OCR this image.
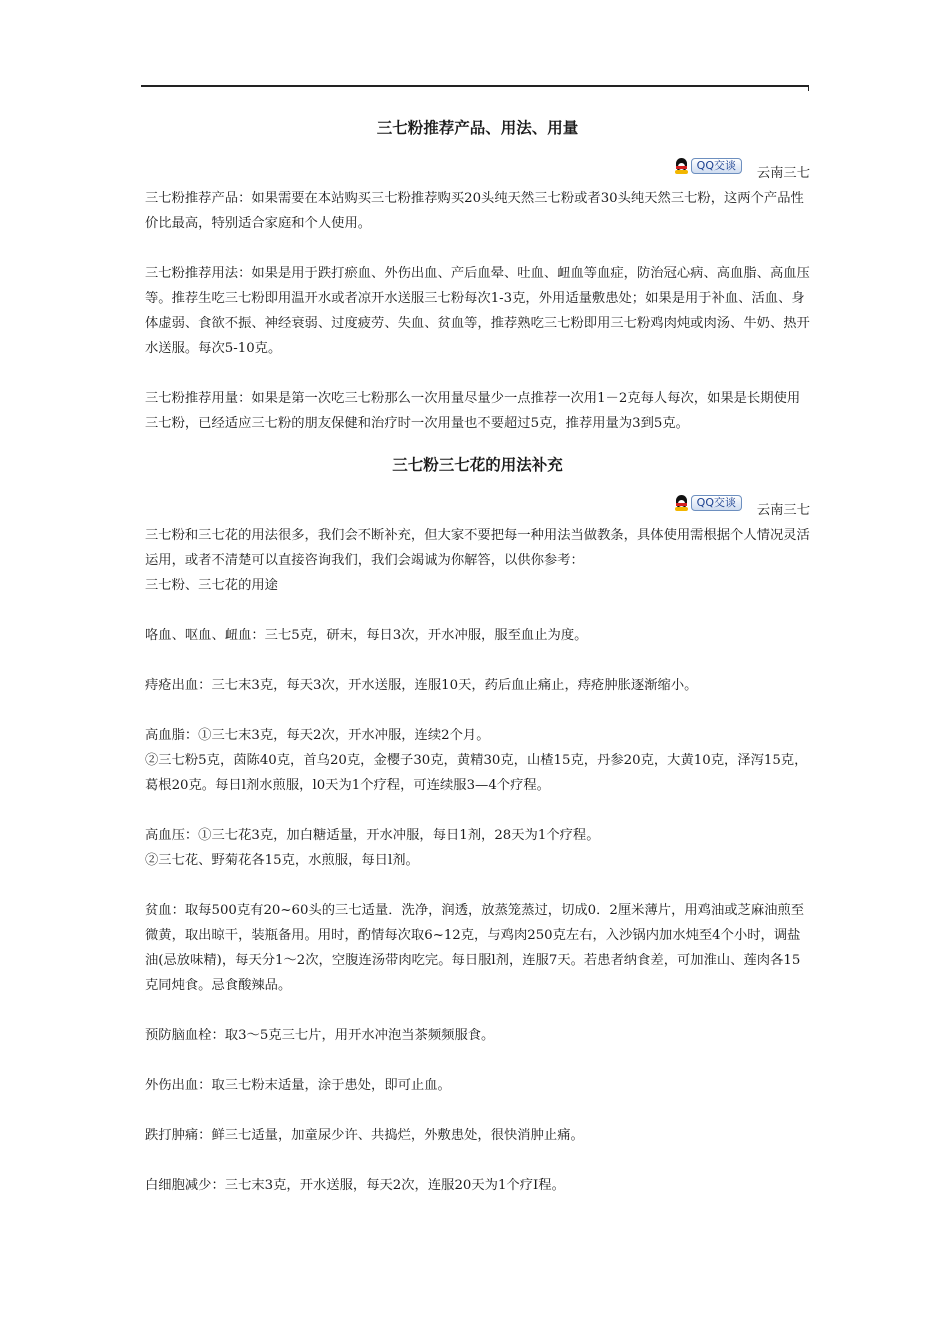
三七粉推荐产品、用法、用量
QQ交谈
云南三七

三七粉推荐产品：如果需要在本站购买三七粉推荐购买20头纯天然三七粉或者30头纯天然三七粉，这两个产品性价比最高，特别适合家庭和个人使用。

三七粉推荐用法：如果是用于跌打瘀血、外伤出血、产后血晕、吐血、衄血等血症，防治冠心病、高血脂、高血压等。推荐生吃三七粉即用温开水或者凉开水送服三七粉每次1-3克，外用适量敷患处；如果是用于补血、活血、身体虚弱、食欲不振、神经衰弱、过度疲劳、失血、贫血等，推荐熟吃三七粉即用三七粉鸡肉炖或肉汤、牛奶、热开水送服。每次5-10克。

三七粉推荐用量：如果是第一次吃三七粉那么一次用量尽量少一点推荐一次用1－2克每人每次，如果是长期使用三七粉，已经适应三七粉的朋友保健和治疗时一次用量也不要超过5克，推荐用量为3到5克。

三七粉三七花的用法补充
QQ交谈
云南三七

三七粉和三七花的用法很多，我们会不断补充，但大家不要把每一种用法当做教条，具体使用需根据个人情况灵活运用，或者不清楚可以直接咨询我们，我们会竭诚为你解答，以供你参考：

三七粉、三七花的用途

咯血、呕血、衄血：三七5克，研末，每日3次，开水冲服，服至血止为度。

痔疮出血：三七末3克，每天3次，开水送服，连服10天，药后血止痛止，痔疮肿胀逐渐缩小。

高血脂：①三七末3克，每天2次，开水冲服，连续2个月。

②三七粉5克，茵陈40克，首乌20克，金樱子30克，黄精30克，山楂15克，丹参20克，大黄10克，泽泻15克，葛根20克。每日l剂水煎服，l0天为1个疗程，可连续服3—4个疗程。

高血压：①三七花3克，加白糖适量，开水冲服，每日1剂，28天为1个疗程。

②三七花、野菊花各15克，水煎服，每日l剂。

贫血：取每500克有20~60头的三七适量．洗净，润透，放蒸笼蒸过，切成0．2厘米薄片，用鸡油或芝麻油煎至微黄，取出晾干，装瓶备用。用时，酌情每次取6~12克，与鸡肉250克左右，入沙锅内加水炖至4个小时，调盐油(忌放味精)，每天分1～2次，空腹连汤带肉吃完。每日服l剂，连服7天。若患者纳食差，可加淮山、莲肉各15克同炖食。忌食酸辣品。

预防脑血栓：取3～5克三七片，用开水冲泡当茶频频服食。

外伤出血：取三七粉末适量，涂于患处，即可止血。

跌打肿痛：鲜三七适量，加童尿少许、共捣烂，外敷患处，很快消肿止痛。

白细胞减少：三七末3克，开水送服，每天2次，连服20天为1个疗Ⅰ程。
